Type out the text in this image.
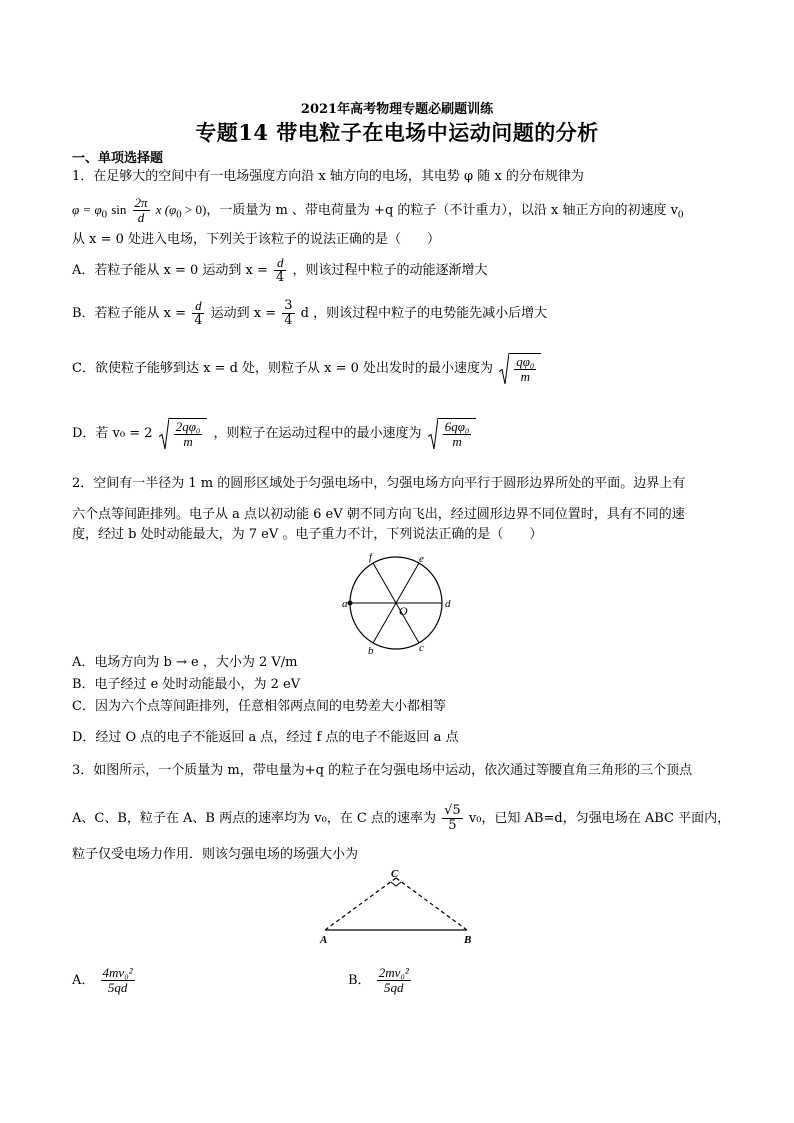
2021年高考物理专题必刷题训练
专题14 带电粒子在电场中运动问题的分析
一、单项选择题
1．在足够大的空间中有一电场强度方向沿 x 轴方向的电场，其电势 φ 随 x 的分布规律为
$\varphi = \varphi_0$ $\sin \frac{2\pi}{d}$ x $(\varphi_0 > 0)$，一质量为 m 、带电荷量为 +q 的粒子（不计重力），以沿 x 轴正方向的初速度 $v_0$
从 x = 0 处进入电场，下列关于该粒子的说法正确的是（　　）
A．若粒子能从 x = 0 运动到 $x = \frac{d}{4}$ ，则该过程中粒子的动能逐渐增大
B．若粒子能从 $x = \frac{d}{4}$ 运动到 $x = \frac{3}{4}$ d ，则该过程中粒子的电势能先减小后增大
C．欲使粒子能够到达 x = d 处，则粒子从 x = 0 处出发时的最小速度为 $\frac{\text{qφ₀}}{m}$
D．若 $v_0 = 2 \frac{\text{2qφ₀}}{m}$ ，则粒子在运动过程中的最小速度为 $\frac{\text{6qφ₀}}{m}$
2．空间有一半径为 1 m 的圆形区域处于匀强电场中，匀强电场方向平行于圆形边界所处的平面。边界上有
六个点等间距排列。电子从 a 点以初动能 6 eV 朝不同方向飞出，经过圆形边界不同位置时，具有不同的速
度，经过 b 处时动能最大，为 7 eV 。电子重力不计，下列说法正确的是（　　）
a
f	e
d
b	c
O
A．电场方向为 b → e ，大小为 2 V/m
B．电子经过 e 处时动能最小，为 2 eV
C．因为六个点等间距排列，任意相邻两点间的电势差大小都相等
D．经过 O 点的电子不能返回 a 点，经过 f 点的电子不能返回 a 点
3．如图所示，一个质量为 m，带电量为+q 的粒子在匀强电场中运动，依次通过等腰直角三角形的三个顶点
A、C、B，粒子在 A、B 两点的速率均为 v₀，在 C 点的速率为 $\frac{√5}{5} v_0$，已知 AB=d，匀强电场在 ABC 平面内，
粒子仅受电场力作用．则该匀强电场的场强大小为
C
A	B
A． $\frac{\text{4mv₀²}}{5qd}$	B． $\frac{\text{2mv₀²}}{5qd}$
